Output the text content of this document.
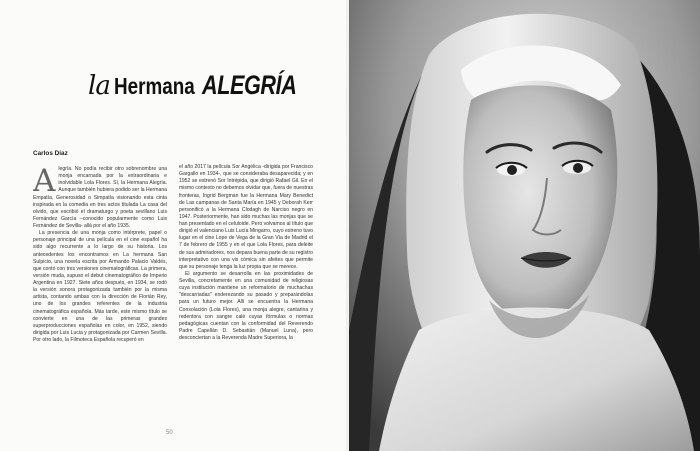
la Hermana ALEGRÍA
Carlos Díaz

Alegría. No podía recibir otro sobrenombre una monja encarnada por la extraordinaria e inolvidable Lola Flores. Sí, la Hermana Alegría. Aunque también hubiera podido ser la Hermana Empatía, Generosidad o Simpatía visionando esta cinta inspirada en la comedia en tres actos titulada La casa del olvido, que escribió el dramaturgo y poeta sevillano Luis Fernández García –conocido popularmente como Luis Fernández de Sevilla- allá por el año 1935.

La presencia de una monja como intérprete, papel o personaje principal de una película en el cine español ha sido algo recurrente a lo largo de su historia. Los antecedentes los encontramos en La hermana San Sulpicio, una novela escrita por Armando Palacio Valdés, que contó con tres versiones cinematográficas. La primera, versión muda, supuso el debut cinematográfico de Imperio Argentina en 1927. Siete años después, en 1934, se rodó la versión sonora protagonizada también por la misma artista, contando ambas con la dirección de Florián Rey, uno de los grandes referentes de la industria cinematográfica española. Más tarde, este mismo título se convierte en una de las primeras grandes superproducciones españolas en color, en 1952, siendo dirigida por Luis Lucia y protagonizada por Carmen Sevilla. Por otro lado, la Filmoteca Española recuperó en

el año 2017 la película Sor Angélica -dirigida por Francisco Gargallo en 1934-, que se consideraba desaparecida; y en 1952 se estrenó Sor Intrépida, que dirigió Rafael Gil. En el mismo contexto no debemos olvidar que, fuera de nuestras fronteras, Ingrid Bergman fue la Hermana Mary Benedict de Las campanas de Santa María en 1945 y Deborah Kerr personificó a la Hermana Clodagh de Narciso negro en 1947. Posteriormente, han sido muchas las monjas que se han presentado en el celuloide. Pero volvamos al título que dirigió el valenciano Luis Lucía Mingarro, cuyo estreno tuvo lugar en el cine Lope de Vega de la Gran Vía de Madrid el 7 de febrero de 1955 y en el que Lola Flores, para deleite de sus admiradores, nos depara buena parte de su registro interpretativo con una vis cómica sin afeites que permite que su personaje tenga la luz propia que se merece.

El argumento se desarrolla en las proximidades de Sevilla, concretamente en una comunidad de religiosas cuya institución mantiene un reformatorio de muchachas "descarriadas" enderezando su pasado y preparándolas para un futuro mejor. Allí se encuentra la Hermana Consolación (Lola Flores), una monja alegre, cantarina y redentora con sangre calé cuyas fórmulas o normas pedagógicas cuentan con la conformidad del Reverendo Padre Capellán D. Sebastián (Manuel Luna), pero desconciertan a la Reverenda Madre Superiora, la

50
